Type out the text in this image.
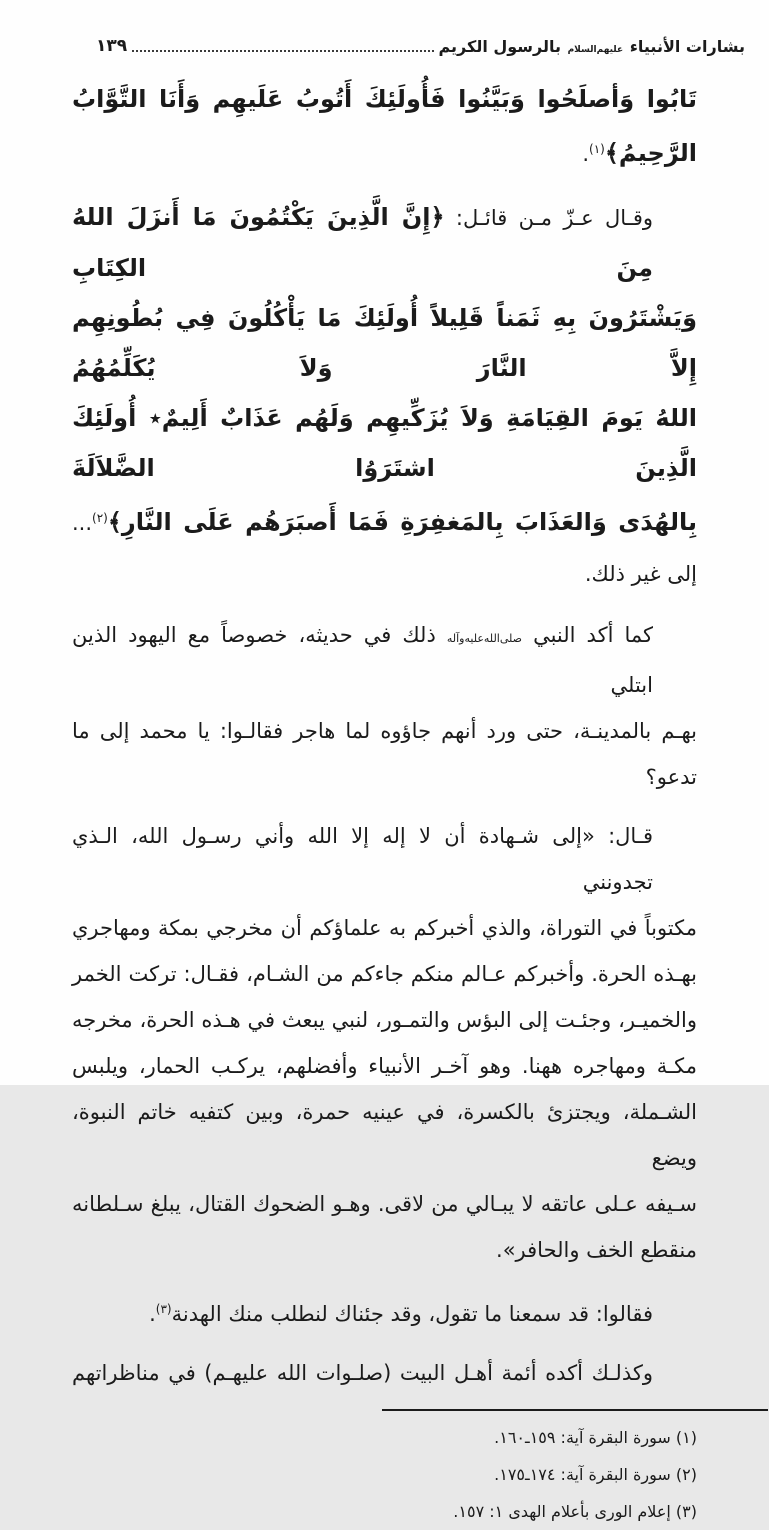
بشارات الأنبياء عليهم‌السلام بالرسول الكريم
١٣٩
تَابُوا وَأصلَحُوا وَبَيَّنُوا فَأُولَئِكَ أَتُوبُ عَلَيهِم وَأَنَا التَّوَّابُ الرَّحِيمُ﴾$^{(١)}$.
وقـال عـزّ مـن قائـل: ﴿إِنَّ الَّذِينَ يَكْتُمُونَ مَا أَنزَلَ اللهُ مِنَ الكِتَابِ
وَيَشْتَرُونَ بِهِ ثَمَناً قَلِيلاً أُولَئِكَ مَا يَأْكُلُونَ فِي بُطُونِهِم إِلاَّ النَّارَ وَلاَ يُكَلِّمُهُمُ
اللهُ يَومَ القِيَامَةِ وَلاَ يُزَكِّيهِم وَلَهُم عَذَابٌ أَلِيمٌ٭ أُولَئِكَ الَّذِينَ اشتَرَوُا الضَّلاَلَةَ
بِالهُدَى وَالعَذَابَ بِالمَغفِرَةِ فَمَا أَصبَرَهُم عَلَى النَّارِ﴾$^{(٢)}$... إلى غير ذلك.
كما أكد النبي صلى‌الله‌عليه‌وآله ذلك في حديثه، خصوصاً مع اليهود الذين ابتلي
بهـم بالمدينـة، حتى ورد أنهم جاؤوه لما هاجر فقالـوا: يا محمد إلى ما تدعو؟
قـال: «إلى شـهادة أن لا إله إلا الله وأني رسـول الله، الـذي تجدونني
مكتوباً في التوراة، والذي أخبركم به علماؤكم أن مخرجي بمكة ومهاجري
بهـذه الحرة. وأخبركم عـالم منكم جاءكم من الشـام، فقـال: تركت الخمر
والخميـر، وجئـت إلى البؤس والتمـور، لنبي يبعث في هـذه الحرة، مخرجه
مكـة ومهاجره ههنا. وهو آخـر الأنبياء وأفضلهم، يركـب الحمار، ويلبس
الشـملة، ويجتزئ بالكسرة، في عينيه حمرة، وبين كتفيه خاتم النبوة، ويضع
سـيفه عـلى عاتقه لا يبـالي من لاقى. وهـو الضحوك القتال، يبلغ سـلطانه
منقطع الخف والحافر».
فقالوا: قد سمعنا ما تقول، وقد جئناك لنطلب منك الهدنة$^{(٣)}$.
وكذلـك أكده أئمة أهـل البيت (صلـوات الله عليهـم) في مناظراتهم
(١) سورة البقرة آية: ١٥٩ـ١٦٠.
(٢) سورة البقرة آية: ١٧٤ـ١٧٥.
(٣) إعلام الورى بأعلام الهدى ١: ١٥٧.
